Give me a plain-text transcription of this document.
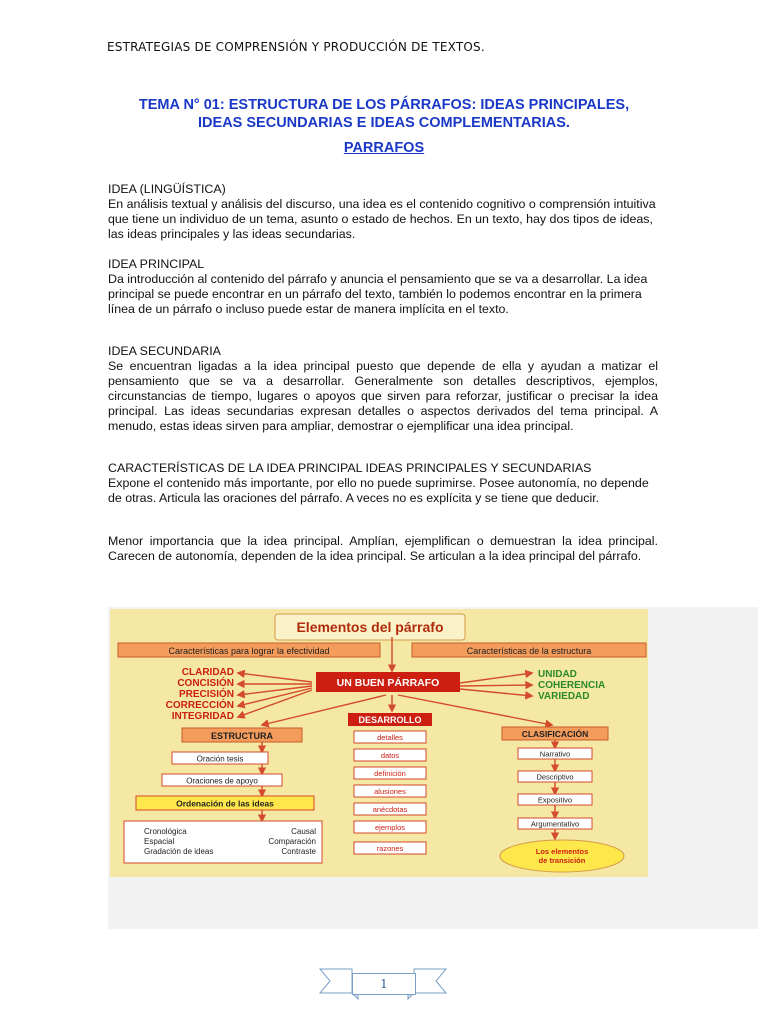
ESTRATEGIAS DE COMPRENSIÓN Y PRODUCCIÓN DE TEXTOS.
TEMA N° 01: ESTRUCTURA DE LOS PÁRRAFOS: IDEAS PRINCIPALES,
IDEAS SECUNDARIAS E IDEAS COMPLEMENTARIAS.
PARRAFOS
IDEA (LINGÜÍSTICA)
En análisis textual y análisis del discurso, una idea es el contenido cognitivo o comprensión intuitiva que tiene un individuo de un tema, asunto o estado de hechos. En un texto, hay dos tipos de ideas, las ideas principales y las ideas secundarias.
IDEA PRINCIPAL
Da introducción al contenido del párrafo y anuncia el pensamiento que se va a desarrollar. La idea principal se puede encontrar en un párrafo del texto, también lo podemos encontrar en la primera línea de un párrafo o incluso puede estar de manera implícita en el texto.
IDEA SECUNDARIA
Se encuentran ligadas a la idea principal puesto que depende de ella y ayudan a matizar el pensamiento que se va a desarrollar. Generalmente son detalles descriptivos, ejemplos, circunstancias de tiempo, lugares o apoyos que sirven para reforzar, justificar o precisar la idea principal. Las ideas secundarias expresan detalles o aspectos derivados del tema principal. A menudo, estas ideas sirven para ampliar, demostrar o ejemplificar una idea principal.
CARACTERÍSTICAS DE LA IDEA PRINCIPAL IDEAS PRINCIPALES Y SECUNDARIAS
Expone el contenido más importante, por ello no puede suprimirse. Posee autonomía, no depende de otras. Articula las oraciones del párrafo. A veces no es explícita y se tiene que deducir.
Menor importancia que la idea principal. Amplían, ejemplifican o demuestran la idea principal. Carecen de autonomía, dependen de la idea principal. Se articulan a la idea principal del párrafo.
Elementos del párrafo
Características para lograr la efectividad	Características de la estructura
CLARIDAD
CONCISIÓN
PRECISIÓN
CORRECCIÓN
INTEGRIDAD
UNIDAD
COHERENCIA
VARIEDAD
UN BUEN PÁRRAFO
ESTRUCTURA
Oración tesis
Oraciones de apoyo
Ordenación de las ideas
Cronológica
Espacial
Gradación de ideas
Causal
Comparación
Contraste
DESARROLLO
detalles
datos
definición
alusiones
anécdotas
ejemplos
razones
CLASIFICACIÓN
Narrativo
Descriptivo
Expositivo
Argumentativo
Los elementos
de transición
1
